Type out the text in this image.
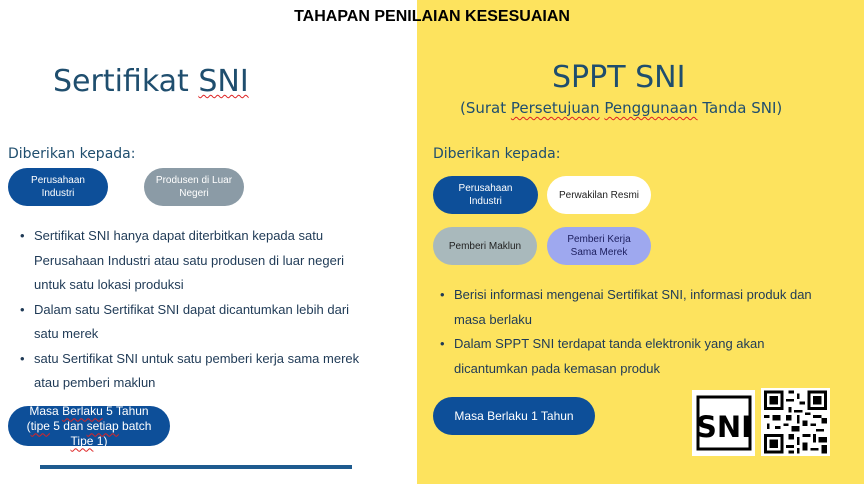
TAHAPAN PENILAIAN KESESUAIAN
Sertifikat SNI
Diberikan kepada:
Perusahaan Industri
Produsen di Luar Negeri
• Sertifikat SNI hanya dapat diterbitkan kepada satu Perusahaan Industri atau satu produsen di luar negeri untuk satu lokasi produksi
• Dalam satu Sertifikat SNI dapat dicantumkan lebih dari satu merek
• satu Sertifikat SNI untuk satu pemberi kerja sama merek atau pemberi maklun
Masa Berlaku 5 Tahun (tipe 5 dan setiap batch Tipe 1)
SPPT SNI
(Surat Persetujuan Penggunaan Tanda SNI)
Diberikan kepada:
Perusahaan Industri
Perwakilan Resmi
Pemberi Maklun
Pemberi Kerja Sama Merek
• Berisi informasi mengenai Sertifikat SNI, informasi produk dan masa berlaku
• Dalam SPPT SNI terdapat tanda elektronik yang akan dicantumkan pada kemasan produk
Masa Berlaku 1 Tahun	SNI
